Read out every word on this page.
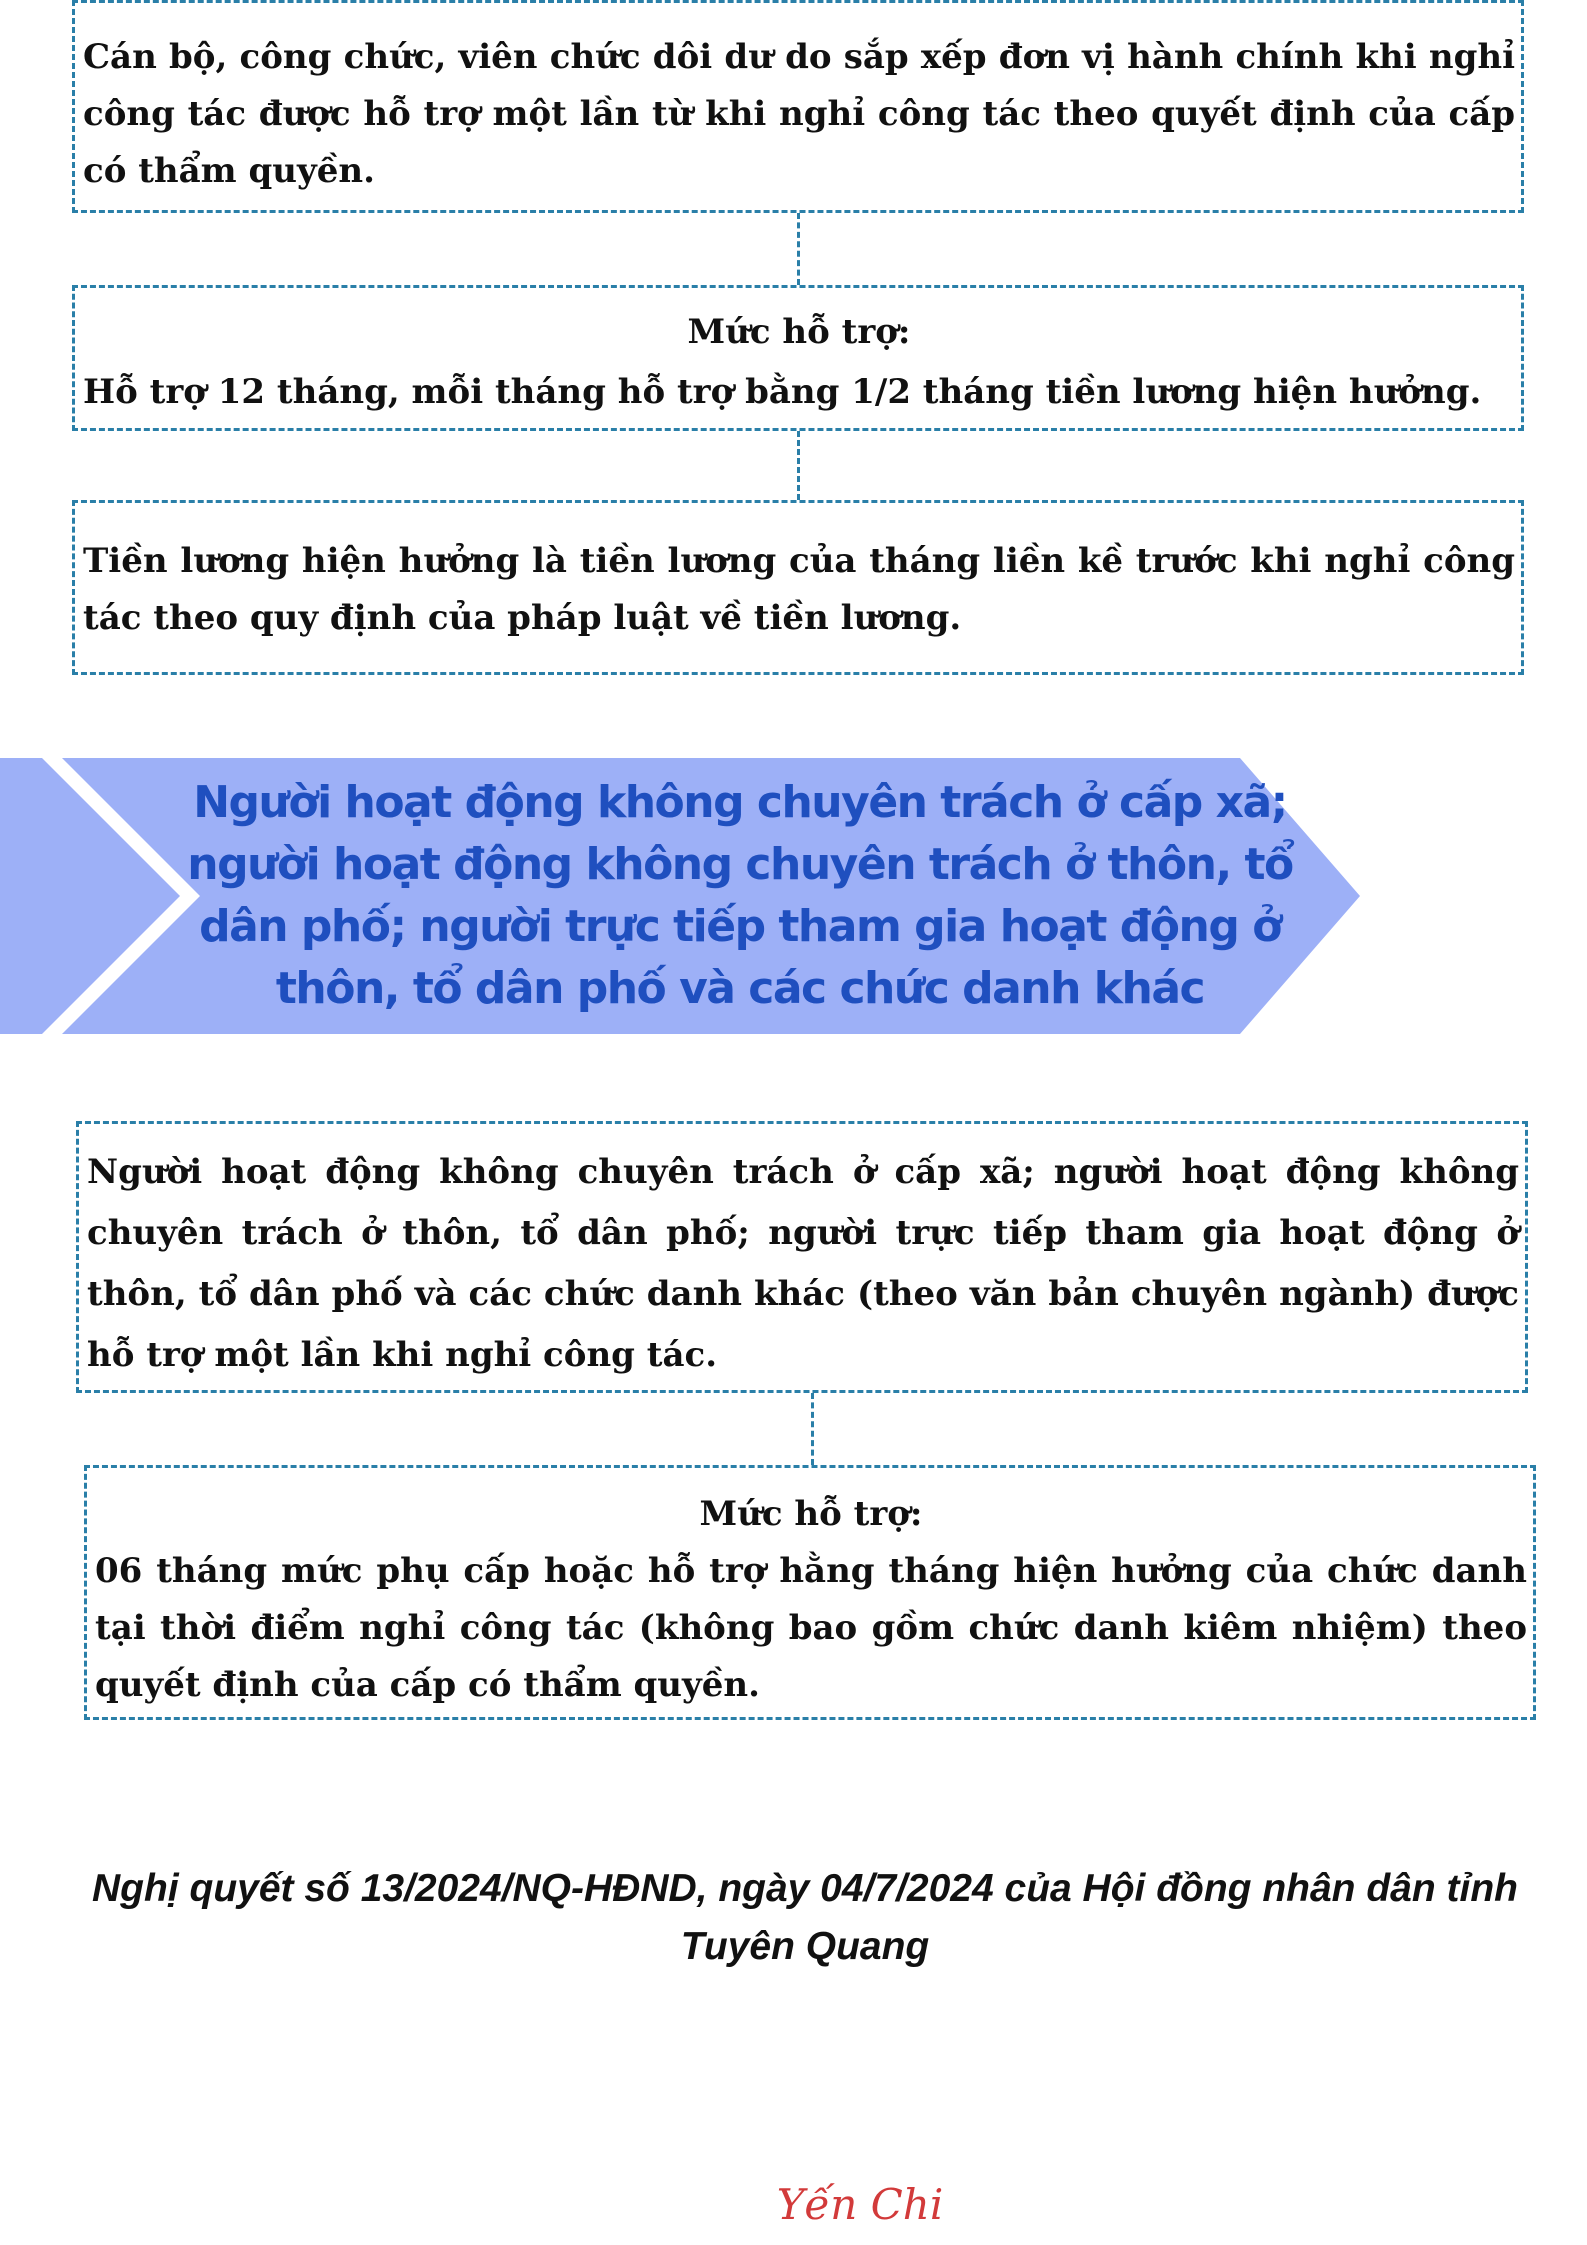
Cán bộ, công chức, viên chức dôi dư do sắp xếp đơn vị hành chính khi nghỉ công tác được hỗ trợ một lần từ khi nghỉ công tác theo quyết định của cấp có thẩm quyền.

Mức hỗ trợ:

Hỗ trợ 12 tháng, mỗi tháng hỗ trợ bằng 1/2 tháng tiền lương hiện hưởng.

Tiền lương hiện hưởng là tiền lương của tháng liền kề trước khi nghỉ công tác theo quy định của pháp luật về tiền lương.

Người hoạt động không chuyên trách ở cấp xã; người hoạt động không chuyên trách ở thôn, tổ dân phố; người trực tiếp tham gia hoạt động ở thôn, tổ dân phố và các chức danh khác

Người hoạt động không chuyên trách ở cấp xã; người hoạt động không chuyên trách ở thôn, tổ dân phố; người trực tiếp tham gia hoạt động ở thôn, tổ dân phố và các chức danh khác (theo văn bản chuyên ngành) được hỗ trợ một lần khi nghỉ công tác.

Mức hỗ trợ:

06 tháng mức phụ cấp hoặc hỗ trợ hằng tháng hiện hưởng của chức danh tại thời điểm nghỉ công tác (không bao gồm chức danh kiêm nhiệm) theo quyết định của cấp có thẩm quyền.

Nghị quyết số 13/2024/NQ-HĐND, ngày 04/7/2024 của Hội đồng nhân dân tỉnh Tuyên Quang
Yến Chi
